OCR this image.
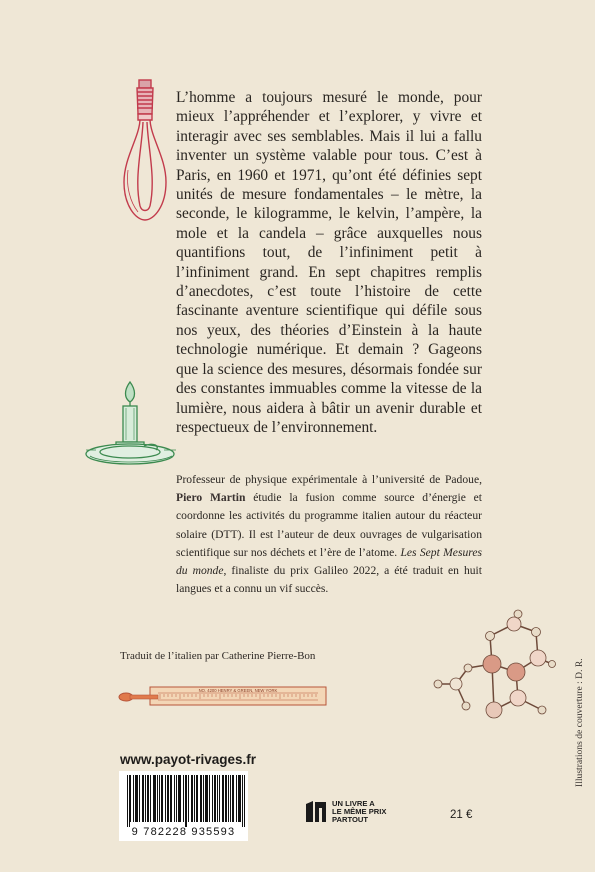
L’homme a toujours mesuré le monde, pour mieux l’appréhender et l’explorer, y vivre et interagir avec ses semblables. Mais il lui a fallu inventer un système valable pour tous. C’est à Paris, en 1960 et 1971, qu’ont été définies sept unités de mesure fondamentales – le mètre, la seconde, le kilogramme, le kelvin, l’ampère, la mole et la candela – grâce auxquelles nous quantifions tout, de l’infiniment petit à l’infiniment grand. En sept chapitres remplis d’anecdotes, c’est toute l’histoire de cette fascinante aventure scientifique qui défile sous nos yeux, des théories d’Einstein à la haute technologie numérique. Et demain ? Gageons que la science des mesures, désormais fondée sur des constantes immuables comme la vitesse de la lumière, nous aidera à bâtir un avenir durable et respectueux de l’environnement.

Professeur de physique expérimentale à l’université de Padoue, Piero Martin étudie la fusion comme source d’énergie et coordonne les activités du programme italien autour du réacteur solaire (DTT). Il est l’auteur de deux ouvrages de vulgarisation scientifique sur nos déchets et l’ère de l’atome. Les Sept Mesures du monde, finaliste du prix Galileo 2022, a été traduit en huit langues et a connu un vif succès.

Traduit de l’italien par Catherine Pierre-Bon
NO. 4200 HENRY & GREEN, NEW YORK
www.payot-rivages.fr
9 782228 935593
UN LIVRE A
LE MÊME PRIX
PARTOUT	21 €
Illustrations de couverture : D. R.
